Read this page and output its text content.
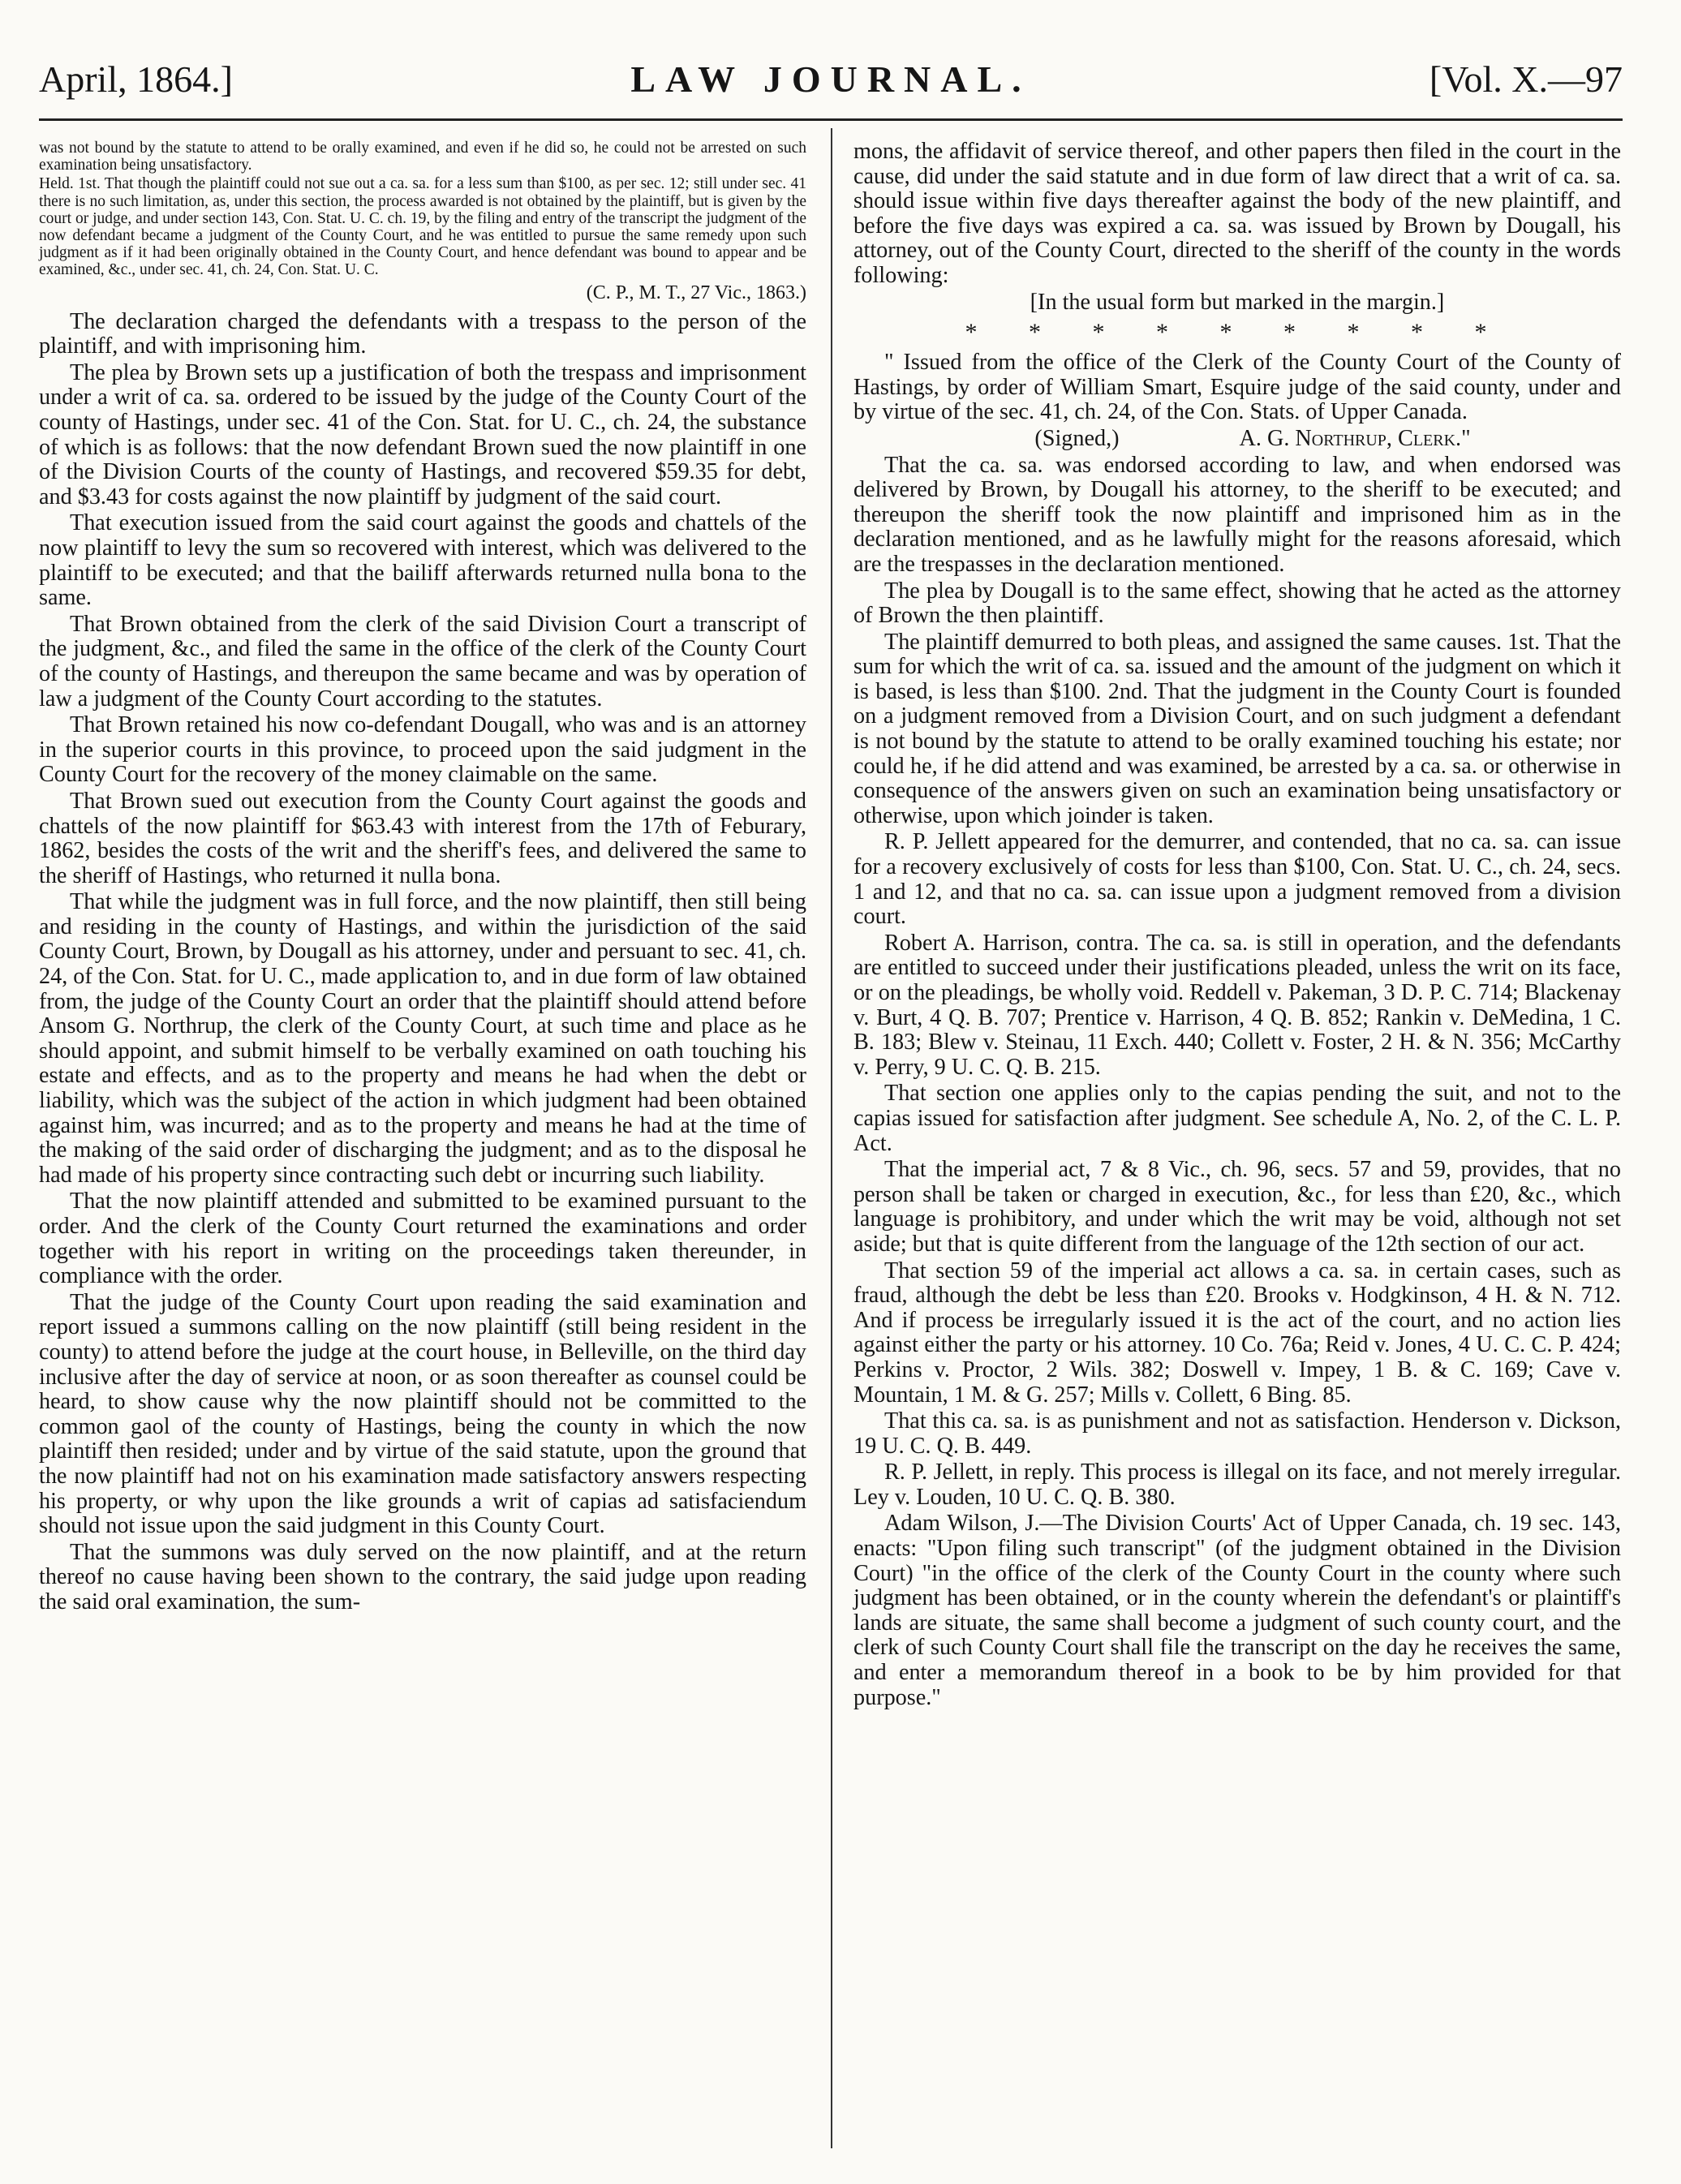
April, 1864.]	LAW JOURNAL.	[Vol. X.—97

was not bound by the statute to attend to be orally examined, and even if he did so, he could not be arrested on such examination being unsatisfactory.

Held. 1st. That though the plaintiff could not sue out a ca. sa. for a less sum than $100, as per sec. 12; still under sec. 41 there is no such limitation, as, under this section, the process awarded is not obtained by the plaintiff, but is given by the court or judge, and under section 143, Con. Stat. U. C. ch. 19, by the filing and entry of the transcript the judgment of the now defendant became a judgment of the County Court, and he was entitled to pursue the same remedy upon such judgment as if it had been originally obtained in the County Court, and hence defendant was bound to appear and be examined, &c., under sec. 41, ch. 24, Con. Stat. U. C.

(C. P., M. T., 27 Vic., 1863.)

The declaration charged the defendants with a trespass to the person of the plaintiff, and with imprisoning him.

The plea by Brown sets up a justification of both the trespass and imprisonment under a writ of ca. sa. ordered to be issued by the judge of the County Court of the county of Hastings, under sec. 41 of the Con. Stat. for U. C., ch. 24, the substance of which is as follows: that the now defendant Brown sued the now plaintiff in one of the Division Courts of the county of Hastings, and recovered $59.35 for debt, and $3.43 for costs against the now plaintiff by judgment of the said court.

That execution issued from the said court against the goods and chattels of the now plaintiff to levy the sum so recovered with interest, which was delivered to the plaintiff to be executed; and that the bailiff afterwards returned nulla bona to the same.

That Brown obtained from the clerk of the said Division Court a transcript of the judgment, &c., and filed the same in the office of the clerk of the County Court of the county of Hastings, and thereupon the same became and was by operation of law a judgment of the County Court according to the statutes.

That Brown retained his now co-defendant Dougall, who was and is an attorney in the superior courts in this province, to proceed upon the said judgment in the County Court for the recovery of the money claimable on the same.

That Brown sued out execution from the County Court against the goods and chattels of the now plaintiff for $63.43 with interest from the 17th of Feburary, 1862, besides the costs of the writ and the sheriff's fees, and delivered the same to the sheriff of Hastings, who returned it nulla bona.

That while the judgment was in full force, and the now plaintiff, then still being and residing in the county of Hastings, and within the jurisdiction of the said County Court, Brown, by Dougall as his attorney, under and persuant to sec. 41, ch. 24, of the Con. Stat. for U. C., made application to, and in due form of law obtained from, the judge of the County Court an order that the plaintiff should attend before Ansom G. Northrup, the clerk of the County Court, at such time and place as he should appoint, and submit himself to be verbally examined on oath touching his estate and effects, and as to the property and means he had when the debt or liability, which was the subject of the action in which judgment had been obtained against him, was incurred; and as to the property and means he had at the time of the making of the said order of discharging the judgment; and as to the disposal he had made of his property since contracting such debt or incurring such liability.

That the now plaintiff attended and submitted to be examined pursuant to the order. And the clerk of the County Court returned the examinations and order together with his report in writing on the proceedings taken thereunder, in compliance with the order.

That the judge of the County Court upon reading the said examination and report issued a summons calling on the now plaintiff (still being resident in the county) to attend before the judge at the court house, in Belleville, on the third day inclusive after the day of service at noon, or as soon thereafter as counsel could be heard, to show cause why the now plaintiff should not be committed to the common gaol of the county of Hastings, being the county in which the now plaintiff then resided; under and by virtue of the said statute, upon the ground that the now plaintiff had not on his examination made satisfactory answers respecting his property, or why upon the like grounds a writ of capias ad satisfaciendum should not issue upon the said judgment in this County Court.

That the summons was duly served on the now plaintiff, and at the return thereof no cause having been shown to the contrary, the said judge upon reading the said oral examination, the sum-

mons, the affidavit of service thereof, and other papers then filed in the court in the cause, did under the said statute and in due form of law direct that a writ of ca. sa. should issue within five days thereafter against the body of the new plaintiff, and before the five days was expired a ca. sa. was issued by Brown by Dougall, his attorney, out of the County Court, directed to the sheriff of the county in the words following:

[In the usual form but marked in the margin.]

* * * * * * * * *

" Issued from the office of the Clerk of the County Court of the County of Hastings, by order of William Smart, Esquire judge of the said county, under and by virtue of the sec. 41, ch. 24, of the Con. Stats. of Upper Canada.

(Signed,)	A. G. Northrup, Clerk."

That the ca. sa. was endorsed according to law, and when endorsed was delivered by Brown, by Dougall his attorney, to the sheriff to be executed; and thereupon the sheriff took the now plaintiff and imprisoned him as in the declaration mentioned, and as he lawfully might for the reasons aforesaid, which are the trespasses in the declaration mentioned.

The plea by Dougall is to the same effect, showing that he acted as the attorney of Brown the then plaintiff.

The plaintiff demurred to both pleas, and assigned the same causes. 1st. That the sum for which the writ of ca. sa. issued and the amount of the judgment on which it is based, is less than $100. 2nd. That the judgment in the County Court is founded on a judgment removed from a Division Court, and on such judgment a defendant is not bound by the statute to attend to be orally examined touching his estate; nor could he, if he did attend and was examined, be arrested by a ca. sa. or otherwise in consequence of the answers given on such an examination being unsatisfactory or otherwise, upon which joinder is taken.

R. P. Jellett appeared for the demurrer, and contended, that no ca. sa. can issue for a recovery exclusively of costs for less than $100, Con. Stat. U. C., ch. 24, secs. 1 and 12, and that no ca. sa. can issue upon a judgment removed from a division court.

Robert A. Harrison, contra. The ca. sa. is still in operation, and the defendants are entitled to succeed under their justifications pleaded, unless the writ on its face, or on the pleadings, be wholly void. Reddell v. Pakeman, 3 D. P. C. 714; Blackenay v. Burt, 4 Q. B. 707; Prentice v. Harrison, 4 Q. B. 852; Rankin v. DeMedina, 1 C. B. 183; Blew v. Steinau, 11 Exch. 440; Collett v. Foster, 2 H. & N. 356; McCarthy v. Perry, 9 U. C. Q. B. 215.

That section one applies only to the capias pending the suit, and not to the capias issued for satisfaction after judgment. See schedule A, No. 2, of the C. L. P. Act.

That the imperial act, 7 & 8 Vic., ch. 96, secs. 57 and 59, provides, that no person shall be taken or charged in execution, &c., for less than £20, &c., which language is prohibitory, and under which the writ may be void, although not set aside; but that is quite different from the language of the 12th section of our act.

That section 59 of the imperial act allows a ca. sa. in certain cases, such as fraud, although the debt be less than £20. Brooks v. Hodgkinson, 4 H. & N. 712. And if process be irregularly issued it is the act of the court, and no action lies against either the party or his attorney. 10 Co. 76a; Reid v. Jones, 4 U. C. C. P. 424; Perkins v. Proctor, 2 Wils. 382; Doswell v. Impey, 1 B. & C. 169; Cave v. Mountain, 1 M. & G. 257; Mills v. Collett, 6 Bing. 85.

That this ca. sa. is as punishment and not as satisfaction. Henderson v. Dickson, 19 U. C. Q. B. 449.

R. P. Jellett, in reply. This process is illegal on its face, and not merely irregular. Ley v. Louden, 10 U. C. Q. B. 380.

Adam Wilson, J.—The Division Courts' Act of Upper Canada, ch. 19 sec. 143, enacts: "Upon filing such transcript" (of the judgment obtained in the Division Court) "in the office of the clerk of the County Court in the county where such judgment has been obtained, or in the county wherein the defendant's or plaintiff's lands are situate, the same shall become a judgment of such county court, and the clerk of such County Court shall file the transcript on the day he receives the same, and enter a memorandum thereof in a book to be by him provided for that purpose."
